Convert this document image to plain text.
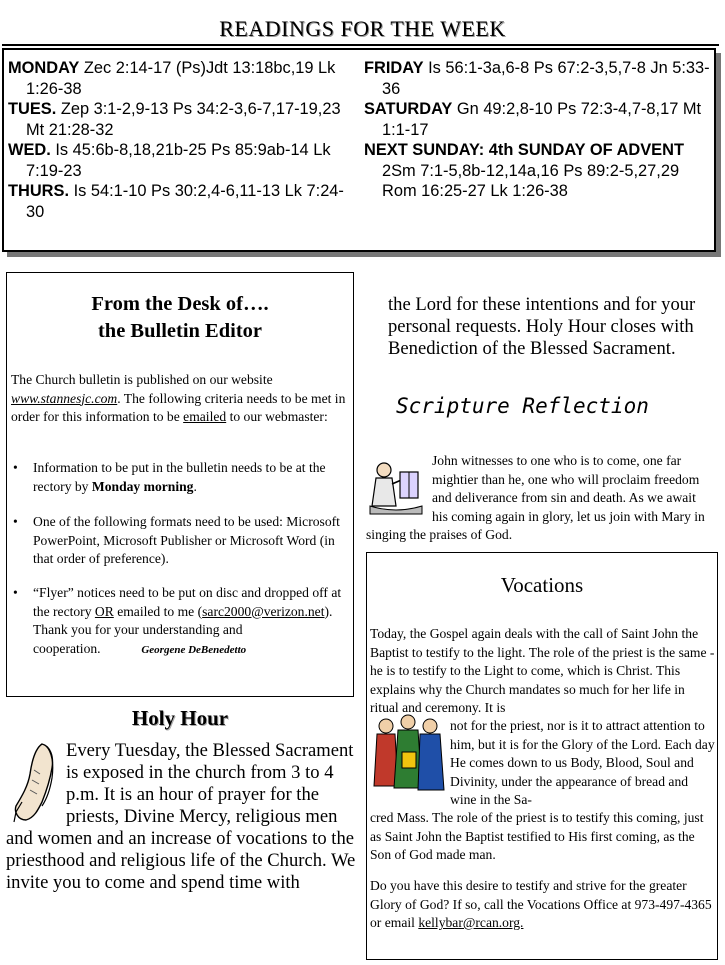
READINGS FOR THE WEEK

MONDAY Zec 2:14-17 (Ps)Jdt 13:18bc,19 Lk 1:26-38

TUES. Zep 3:1-2,9-13 Ps 34:2-3,6-7,17-19,23 Mt 21:28-32

WED. Is 45:6b-8,18,21b-25 Ps 85:9ab-14 Lk 7:19-23

THURS. Is 54:1-10 Ps 30:2,4-6,11-13 Lk 7:24-30

FRIDAY Is 56:1-3a,6-8 Ps 67:2-3,5,7-8 Jn 5:33-36

SATURDAY Gn 49:2,8-10 Ps 72:3-4,7-8,17 Mt 1:1-17

NEXT SUNDAY: 4th SUNDAY OF ADVENT 2Sm 7:1-5,8b-12,14a,16 Ps 89:2-5,27,29 Rom 16:25-27 Lk 1:26-38

From the Desk of….
the Bulletin Editor
The Church bulletin is published on our website www.stannesjc.com. The following criteria needs to be met in order for this information to be emailed to our webmaster:
• Information to be put in the bulletin needs to be at the rectory by Monday morning.
• One of the following formats need to be used: Microsoft PowerPoint, Microsoft Publisher or Microsoft Word (in that order of preference).
• “Flyer” notices need to be put on disc and dropped off at the rectory OR emailed to me (sarc2000@verizon.net).
Thank you for your understanding and cooperation.	Georgene DeBenedetto
Holy Hour
Every Tuesday, the Blessed Sacrament is exposed in the church from 3 to 4 p.m. It is an hour of prayer for the priests, Divine Mercy, religious men and women and an increase of vocations to the priesthood and religious life of the Church. We invite you to come and spend time with
the Lord for these intentions and for your personal requests. Holy Hour closes with Benediction of the Blessed Sacrament.
Scripture Reflection
John witnesses to one who is to come, one far mightier than he, one who will proclaim freedom and deliverance from sin and death. As we await his coming again in glory, let us join with Mary in singing the praises of God.
Vocations
Today, the Gospel again deals with the call of Saint John the Baptist to testify to the light. The role of the priest is the same - he is to testify to the Light to come, which is Christ. This explains why the Church mandates so much for her life in ritual and ceremony. It is
not for the priest, nor is it to attract attention to him, but it is for the Glory of the Lord. Each day He comes down to us Body, Blood, Soul and Divinity, under the appearance of bread and wine in the Sa-
cred Mass. The role of the priest is to testify this coming, just as Saint John the Baptist testified to His first coming, as the Son of God made man.
Do you have this desire to testify and strive for the greater Glory of God? If so, call the Vocations Office at 973-497-4365 or email kellybar@rcan.org.
